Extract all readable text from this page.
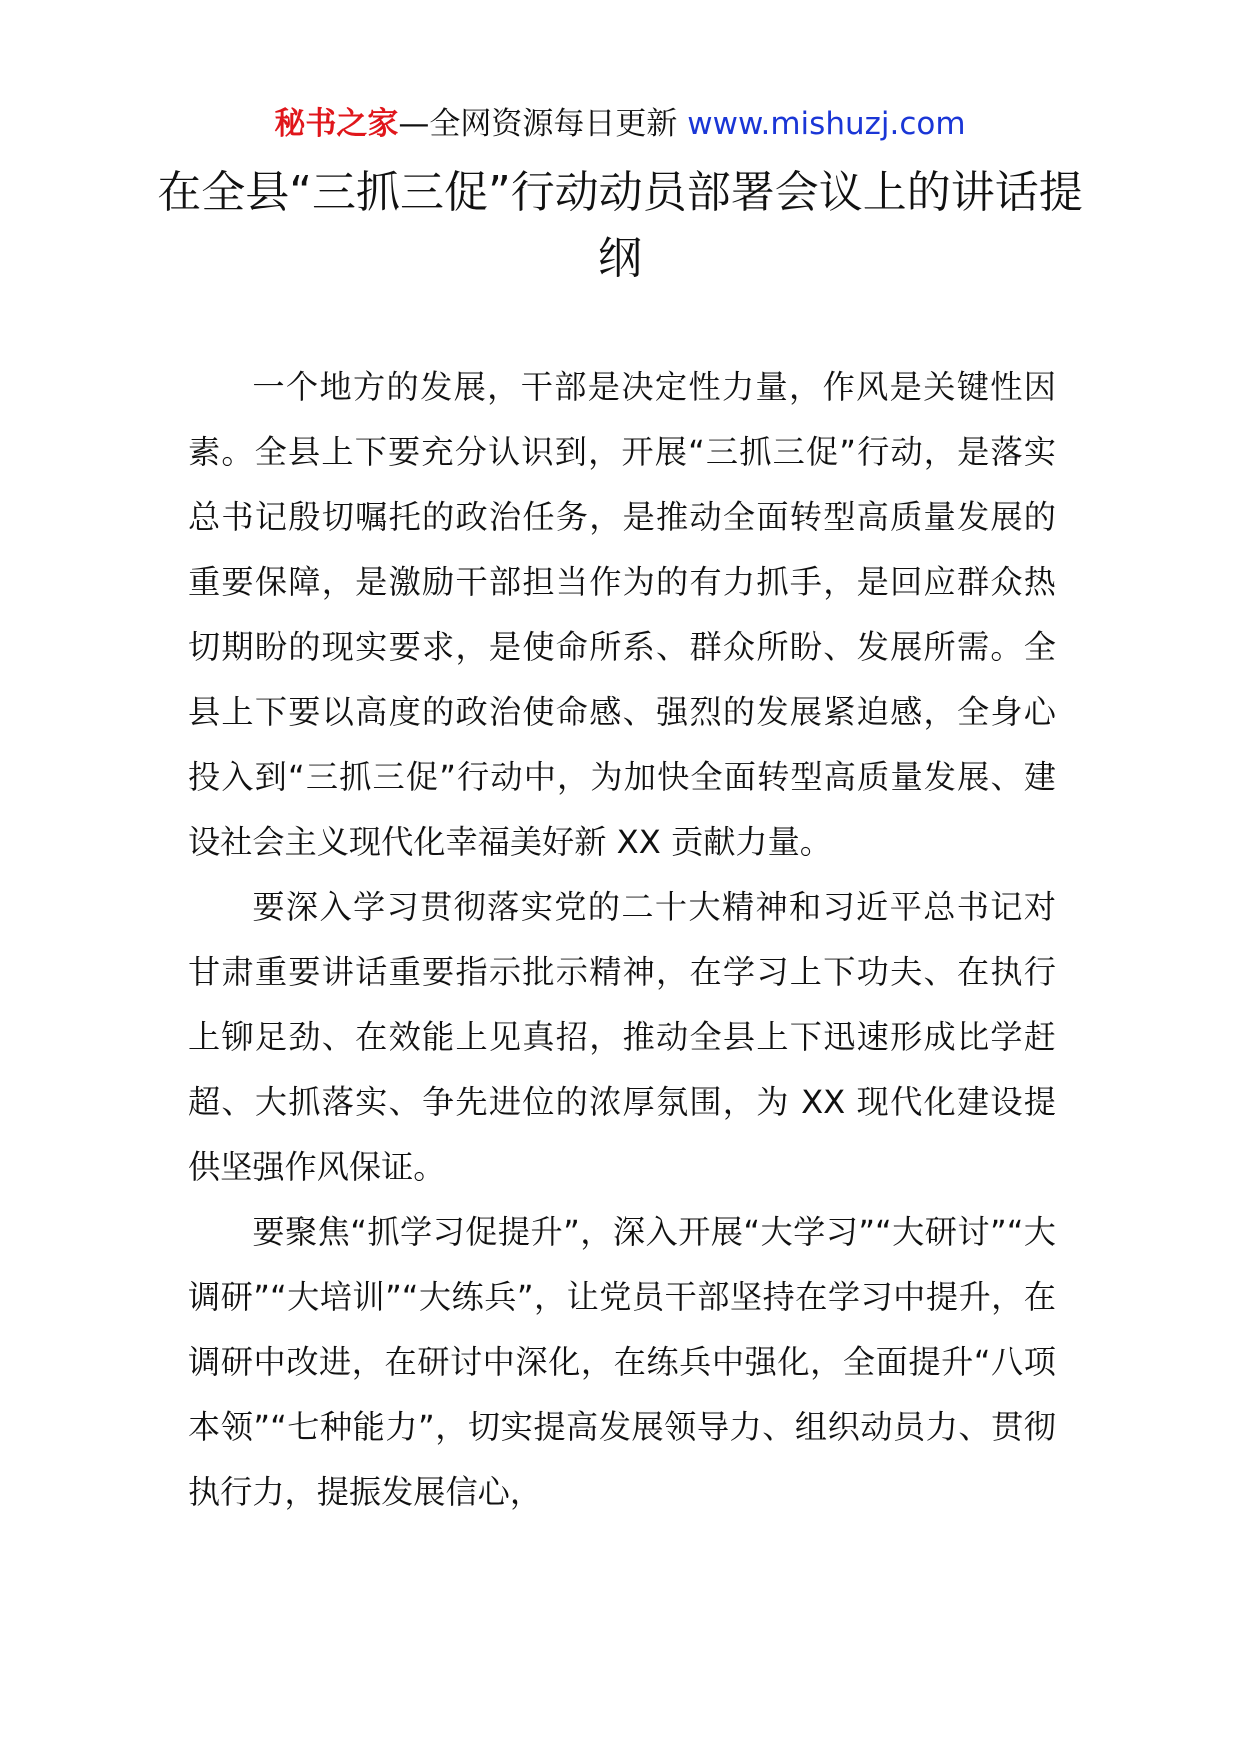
秘书之家—全网资源每日更新 www.mishuzj.com
在全县“三抓三促”行动动员部署会议上的讲话提纲

一个地方的发展，干部是决定性力量，作风是关键性因素。全县上下要充分认识到，开展“三抓三促”行动，是落实总书记殷切嘱托的政治任务，是推动全面转型高质量发展的重要保障，是激励干部担当作为的有力抓手，是回应群众热切期盼的现实要求，是使命所系、群众所盼、发展所需。全县上下要以高度的政治使命感、强烈的发展紧迫感，全身心投入到“三抓三促”行动中，为加快全面转型高质量发展、建设社会主义现代化幸福美好新 XX 贡献力量。

要深入学习贯彻落实党的二十大精神和习近平总书记对甘肃重要讲话重要指示批示精神，在学习上下功夫、在执行上铆足劲、在效能上见真招，推动全县上下迅速形成比学赶超、大抓落实、争先进位的浓厚氛围，为 XX 现代化建设提供坚强作风保证。

要聚焦“抓学习促提升”，深入开展“大学习”“大研讨”“大调研”“大培训”“大练兵”，让党员干部坚持在学习中提升，在调研中改进，在研讨中深化，在练兵中强化，全面提升“八项本领”“七种能力”，切实提高发展领导力、组织动员力、贯彻执行力，提振发展信心，
